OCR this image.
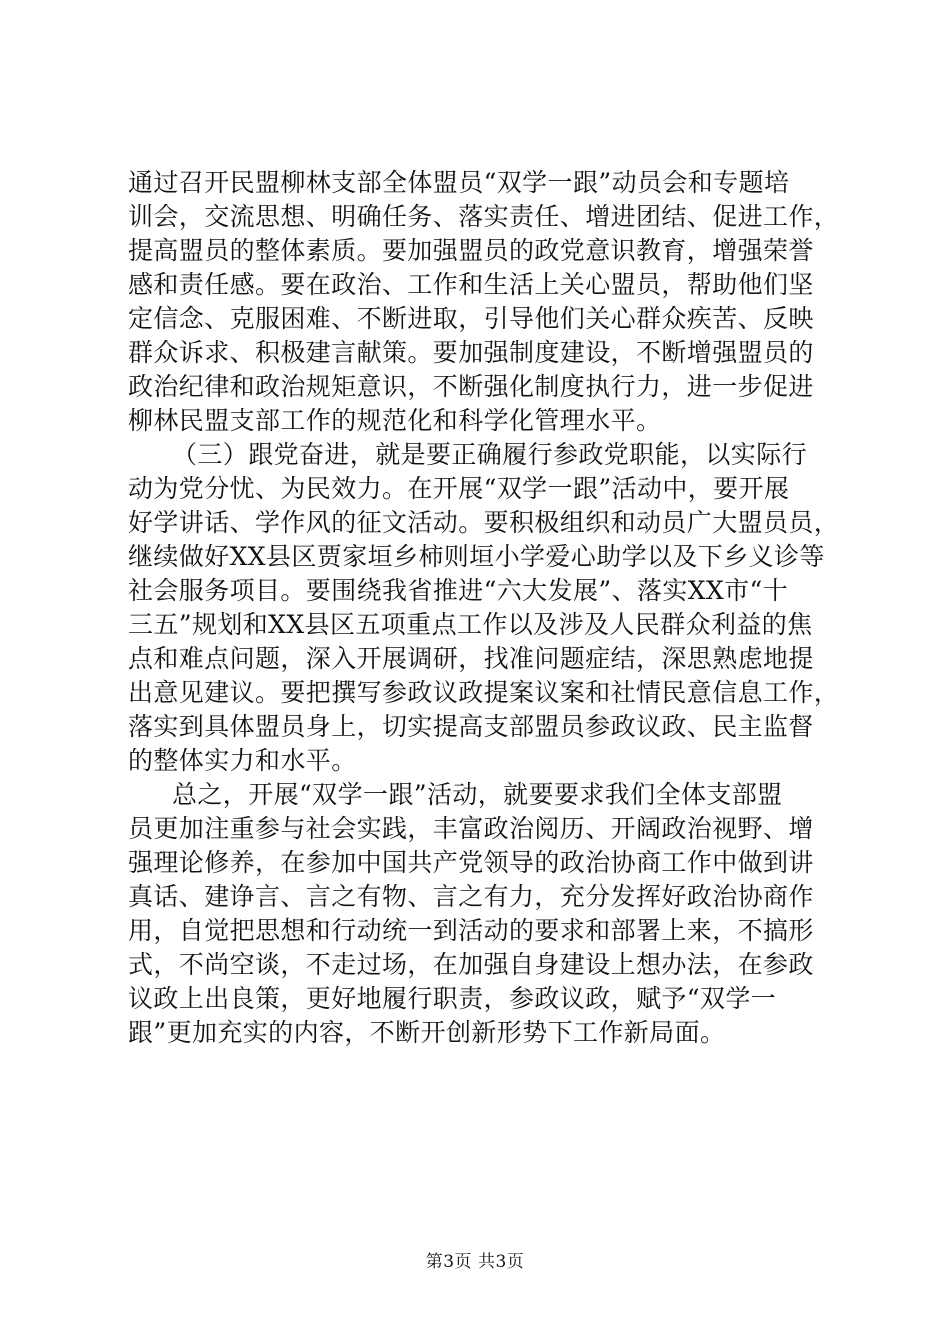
通过召开民盟柳林支部全体盟员“双学一跟”动员会和专题培
训会，交流思想、明确任务、落实责任、增进团结、促进工作，
提高盟员的整体素质。要加强盟员的政党意识教育，增强荣誉
感和责任感。要在政治、工作和生活上关心盟员，帮助他们坚
定信念、克服困难、不断进取，引导他们关心群众疾苦、反映
群众诉求、积极建言献策。要加强制度建设，不断增强盟员的
政治纪律和政治规矩意识，不断强化制度执行力，进一步促进
柳林民盟支部工作的规范化和科学化管理水平。

（三）跟党奋进，就是要正确履行参政党职能，以实际行
动为党分忧、为民效力。在开展“双学一跟”活动中，要开展
好学讲话、学作风的征文活动。要积极组织和动员广大盟员员，
继续做好XX县区贾家垣乡柿则垣小学爱心助学以及下乡义诊等
社会服务项目。要围绕我省推进“六大发展”、落实XX市“十
三五”规划和XX县区五项重点工作以及涉及人民群众利益的焦
点和难点问题，深入开展调研，找准问题症结，深思熟虑地提
出意见建议。要把撰写参政议政提案议案和社情民意信息工作，
落实到具体盟员身上，切实提高支部盟员参政议政、民主监督
的整体实力和水平。

总之，开展“双学一跟”活动，就要要求我们全体支部盟
员更加注重参与社会实践，丰富政治阅历、开阔政治视野、增
强理论修养，在参加中国共产党领导的政治协商工作中做到讲
真话、建诤言、言之有物、言之有力，充分发挥好政治协商作
用，自觉把思想和行动统一到活动的要求和部署上来，不搞形
式，不尚空谈，不走过场，在加强自身建设上想办法，在参政
议政上出良策，更好地履行职责，参政议政，赋予“双学一
跟”更加充实的内容，不断开创新形势下工作新局面。

第3页 共3页
